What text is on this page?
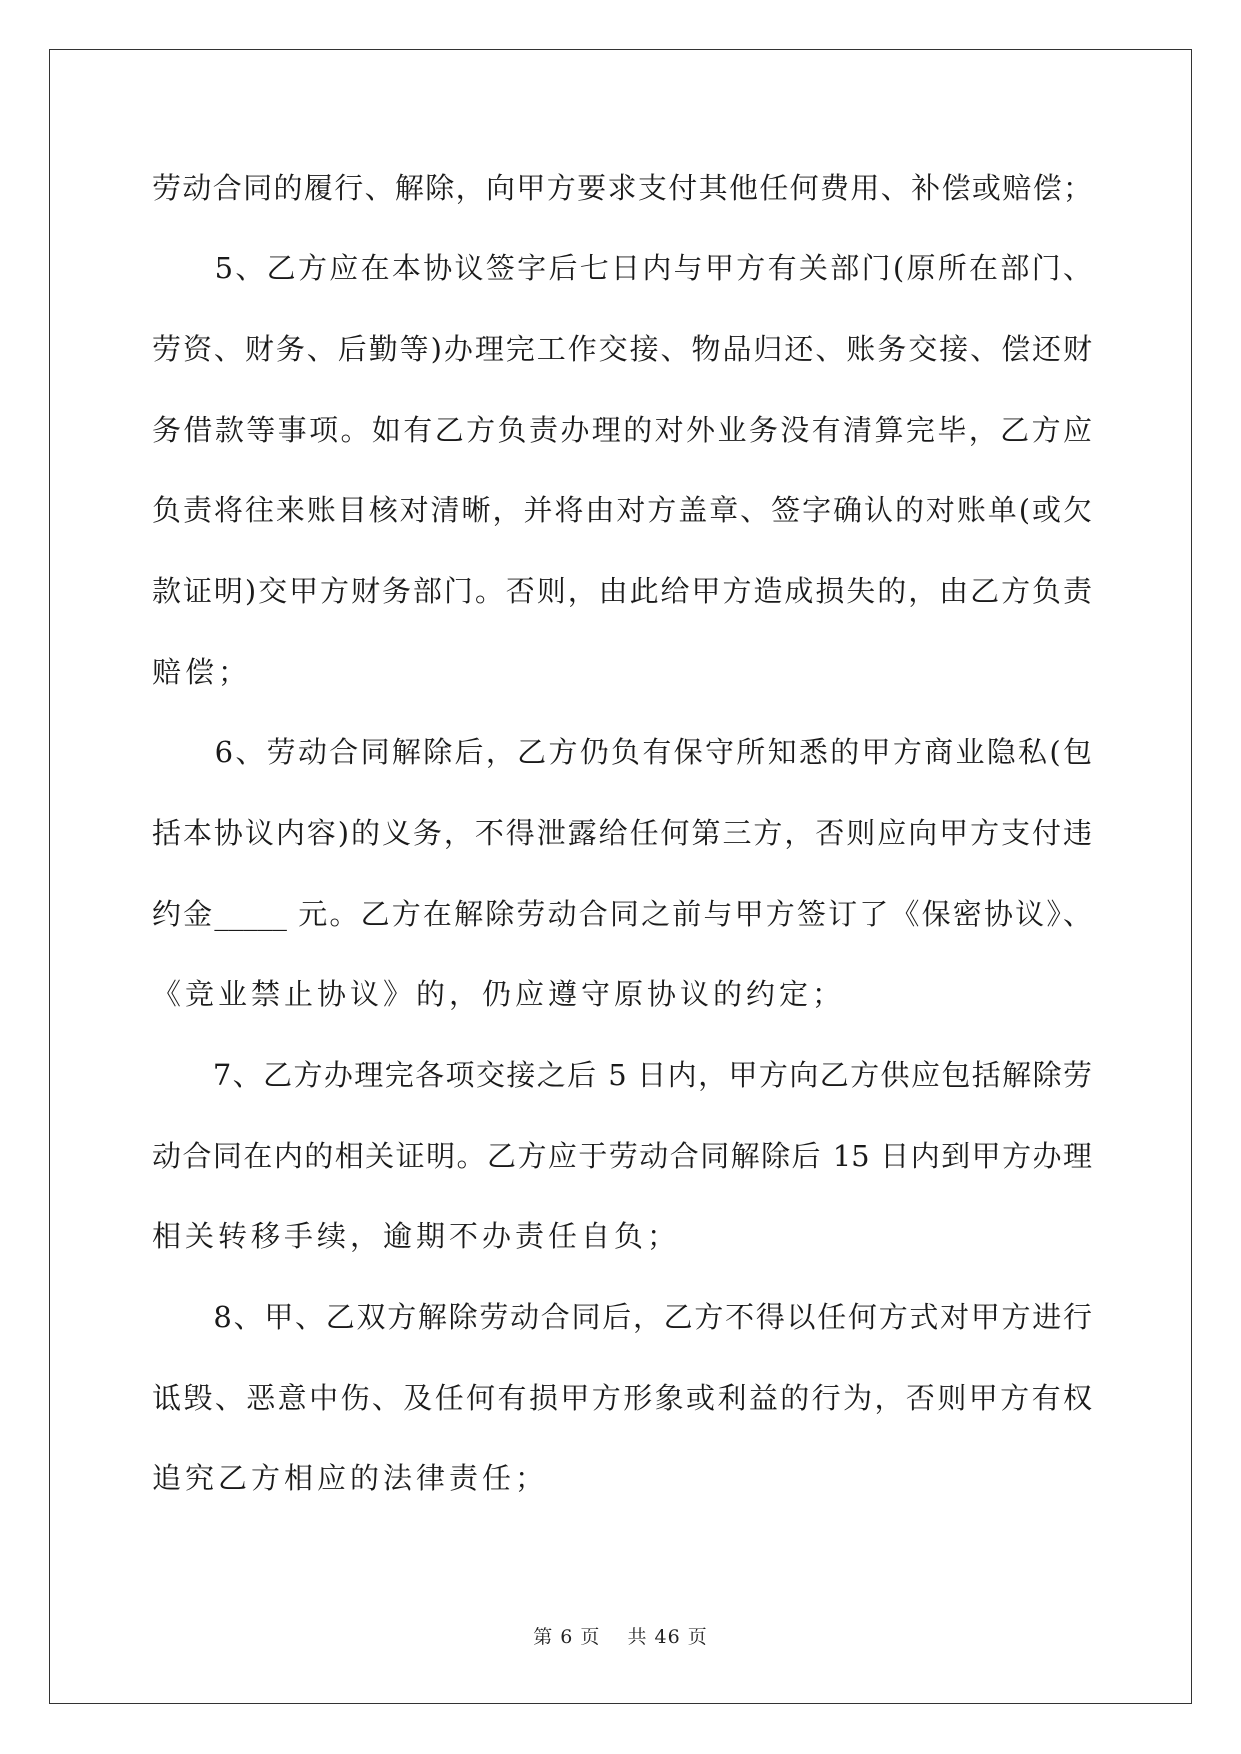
劳动合同的履行、解除，向甲方要求支付其他任何费用、补偿或赔偿；
　　5、乙方应在本协议签字后七日内与甲方有关部门(原所在部门、
劳资、财务、后勤等)办理完工作交接、物品归还、账务交接、偿还财
务借款等事项。如有乙方负责办理的对外业务没有清算完毕，乙方应
负责将往来账目核对清晰，并将由对方盖章、签字确认的对账单(或欠
款证明)交甲方财务部门。否则，由此给甲方造成损失的，由乙方负责
赔偿；
　　6、劳动合同解除后，乙方仍负有保守所知悉的甲方商业隐私(包
括本协议内容)的义务，不得泄露给任何第三方，否则应向甲方支付违
约金_____ 元。乙方在解除劳动合同之前与甲方签订了《保密协议》、
《竞业禁止协议》的，仍应遵守原协议的约定；
　　7、乙方办理完各项交接之后 5 日内，甲方向乙方供应包括解除劳
动合同在内的相关证明。乙方应于劳动合同解除后 15 日内到甲方办理
相关转移手续，逾期不办责任自负；
　　8、甲、乙双方解除劳动合同后，乙方不得以任何方式对甲方进行
诋毁、恶意中伤、及任何有损甲方形象或利益的行为，否则甲方有权
追究乙方相应的法律责任；
第 6 页　 共 46 页
